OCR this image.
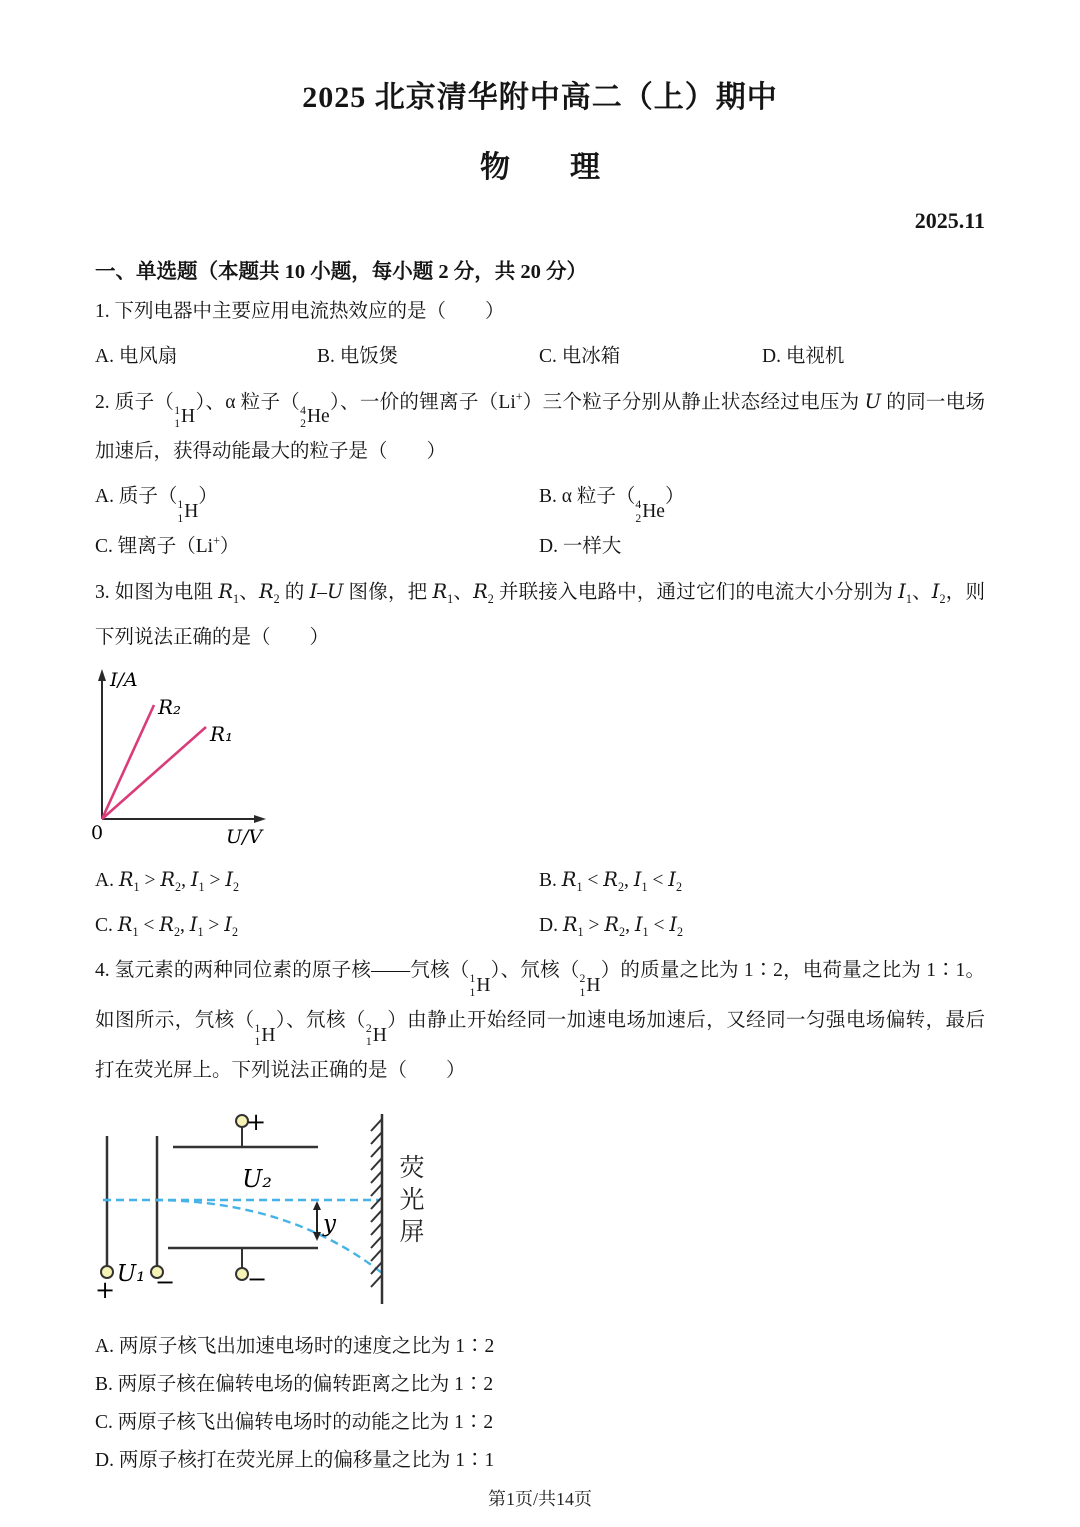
2025 北京清华附中高二（上）期中
物　　理
2025.11
一、单选题（本题共 10 小题，每小题 2 分，共 20 分）

1. 下列电器中主要应用电流热效应的是（　　）

A. 电风扇	B. 电饭煲	C. 电冰箱	D. 电视机

2. 质子（ 1
1 H
）、α 粒子（ 4
2 He
）、一价的锂离子（Li+）三个粒子分别从静止状态经过电压为 U 的同一电场加速后，获得动能最大的粒子是（　　）

A. 质子（ 1
1 H
）	B. α 粒子（ 4
2 He
）
C. 锂离子（Li+）	D. 一样大

3. 如图为电阻 $R_1$、$R_2$ 的 I–U 图像，把 $R_1$、$R_2$ 并联接入电路中，通过它们的电流大小分别为 $I_1$、$I_2$，则下列说法正确的是（　　）

I/A
U/V
0
R₂
R₁
A. $R_1 > R_2$, $I_1 > I_2$	B. $R_1 < R_2$, $I_1 < I_2$
C. $R_1 < R_2$, $I_1 > I_2$	D. $R_1 > R_2$, $I_1 < I_2$

4. 氢元素的两种同位素的原子核——氕核（ 1
1 H
）、氘核（ 2
1 H
）的质量之比为 1∶2，电荷量之比为 1∶1。如图所示，氕核（ 1
1 H
）、氘核（ 2
1 H
）由静止开始经同一加速电场加速后，又经同一匀强电场偏转，最后打在荧光屏上。下列说法正确的是（　　）

+
U₁ −
+
U₂
−
y 荧光屏

A. 两原子核飞出加速电场时的速度之比为 1∶2

B. 两原子核在偏转电场的偏转距离之比为 1∶2

C. 两原子核飞出偏转电场时的动能之比为 1∶2

D. 两原子核打在荧光屏上的偏移量之比为 1∶1

第1页/共14页
